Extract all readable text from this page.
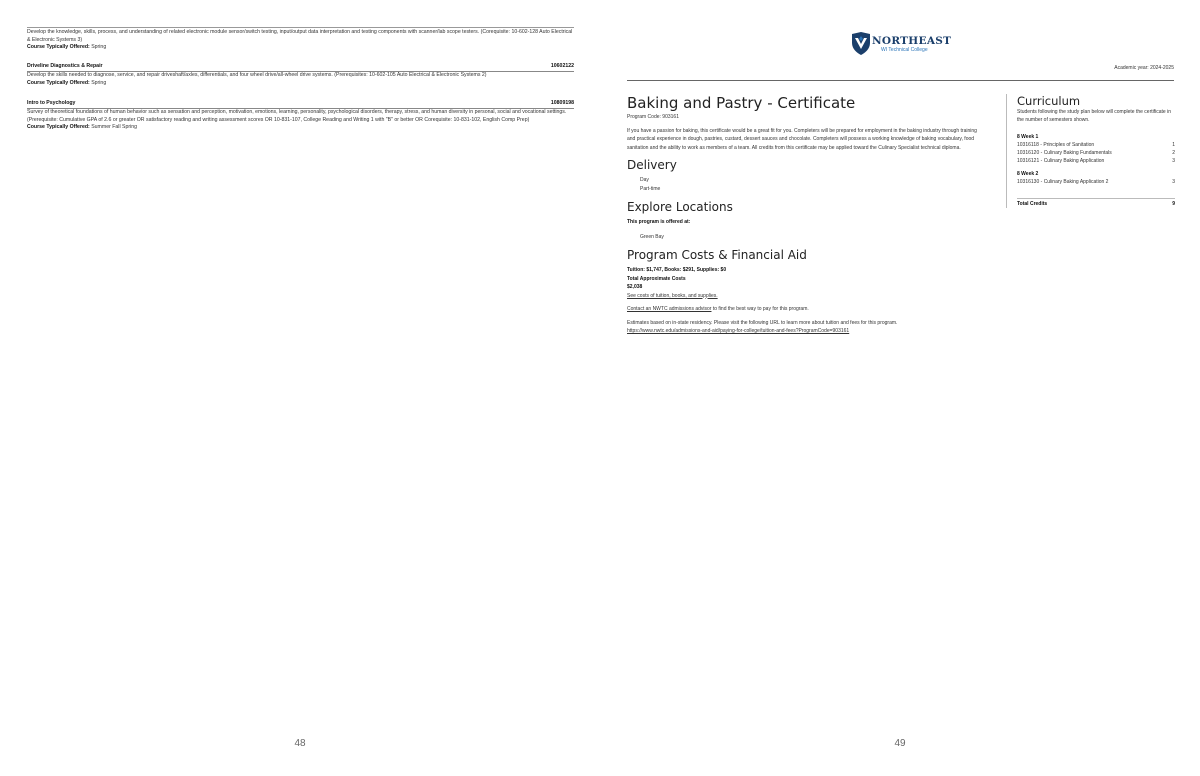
Develop the knowledge, skills, process, and understanding of related electronic module sensor/switch testing, input/output data interpretation and testing components with scanner/lab scope testers. (Corequisite: 10-602-128 Auto Electrical & Electronic Systems 3)
Course Typically Offered: Spring
Driveline Diagnostics & Repair	10602122
Develop the skills needed to diagnose, service, and repair driveshaft/axles, differentials, and four wheel drive/all-wheel drive systems. (Prerequisites: 10-602-105 Auto Electrical & Electronic Systems 2)
Course Typically Offered: Spring
Intro to Psychology	10809198
Survey of theoretical foundations of human behavior such as sensation and perception, motivation, emotions, learning, personality, psychological disorders, therapy, stress, and human diversity in personal, social and vocational settings. (Prerequisite: Cumulative GPA of 2.6 or greater OR satisfactory reading and writing assessment scores OR 10-831-107, College Reading and Writing 1 with "B" or better OR Corequisite: 10-831-102, English Comp Prep)
Course Typically Offered: Summer Fall Spring
48
NORTHEAST
WI Technical College
Academic year: 2024-2025
Baking and Pastry - Certificate

Program Code: 903161

If you have a passion for baking, this certificate would be a great fit for you. Completers will be prepared for employment in the baking industry through training and practical experience in dough, pastries, custard, dessert sauces and chocolate. Completers will possess a working knowledge of baking vocabulary, food sanitation and the ability to work as members of a team. All credits from this certificate may be applied toward the Culinary Specialist technical diploma.

Delivery

Day

Part-time

Explore Locations

This program is offered at:

Green Bay

Program Costs & Financial Aid

Tuition: $1,747, Books: $291, Supplies: $0

Total Approximate Costs

$2,038

See costs of tuition, books, and supplies.

Contact an NWTC admissions advisor to find the best way to pay for this program.

Estimates based on in-state residency. Please visit the following URL to learn more about tuition and fees for this program.

https://www.nwtc.edu/admissions-and-aid/paying-for-college/tuition-and-fees?ProgramCode=903161

Curriculum

Students following the study plan below will complete the certificate in the number of semesters shown.

8 Week 1
10316118 - Principles of Sanitation	1
10316120 - Culinary Baking Fundamentals	2
10316121 - Culinary Baking Application	3
8 Week 2
10316130 - Culinary Baking Application 2	3
Total Credits	9
49
